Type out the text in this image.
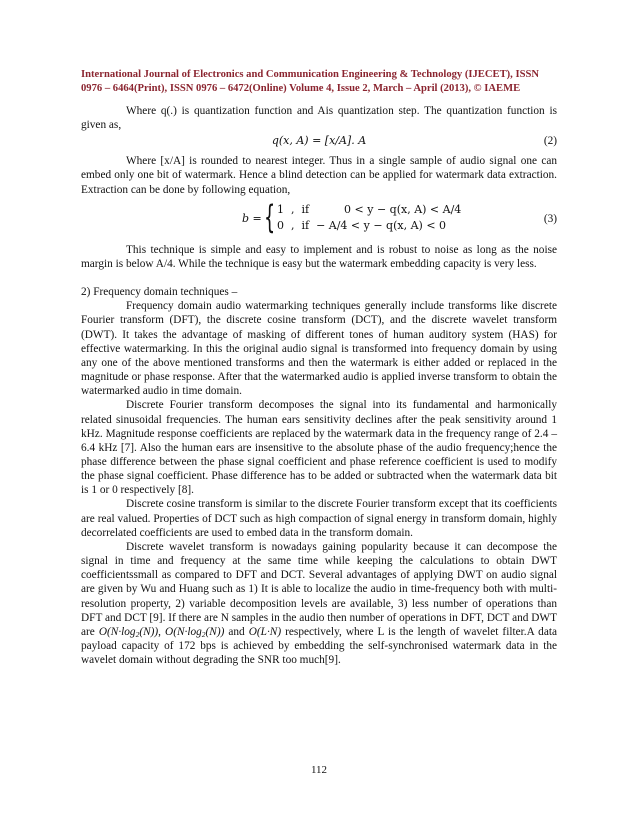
International Journal of Electronics and Communication Engineering & Technology (IJECET), ISSN
0976 – 6464(Print), ISSN 0976 – 6472(Online) Volume 4, Issue 2, March – April (2013), © IAEME

Where q(.) is quantization function and Ais quantization step. The quantization function is given as,

q(x, A) = [x/A]. A	(2)

Where [x/A] is rounded to nearest integer. Thus in a single sample of audio signal one can embed only one bit of watermark. Hence a blind detection can be applied for watermark data extraction. Extraction can be done by following equation,

b = { 1  ,  if          0 < y − q(x, A) < A/4
0  ,  if  − A/4 < y − q(x, A) < 0	(3)

This technique is simple and easy to implement and is robust to noise as long as the noise margin is below A/4. While the technique is easy but the watermark embedding capacity is very less.

2) Frequency domain techniques –

Frequency domain audio watermarking techniques generally include transforms like discrete Fourier transform (DFT), the discrete cosine transform (DCT), and the discrete wavelet transform (DWT). It takes the advantage of masking of different tones of human auditory system (HAS) for effective watermarking. In this the original audio signal is transformed into frequency domain by using any one of the above mentioned transforms and then the watermark is either added or replaced in the magnitude or phase response. After that the watermarked audio is applied inverse transform to obtain the watermarked audio in time domain.

Discrete Fourier transform decomposes the signal into its fundamental and harmonically related sinusoidal frequencies. The human ears sensitivity declines after the peak sensitivity around 1 kHz. Magnitude response coefficients are replaced by the watermark data in the frequency range of 2.4 – 6.4 kHz [7]. Also the human ears are insensitive to the absolute phase of the audio frequency;hence the phase difference between the phase signal coefficient and phase reference coefficient is used to modify the phase signal coefficient. Phase difference has to be added or subtracted when the watermark data bit is 1 or 0 respectively [8].

Discrete cosine transform is similar to the discrete Fourier transform except that its coefficients are real valued. Properties of DCT such as high compaction of signal energy in transform domain, highly decorrelated coefficients are used to embed data in the transform domain.

Discrete wavelet transform is nowadays gaining popularity because it can decompose the signal in time and frequency at the same time while keeping the calculations to obtain DWT coefficientssmall as compared to DFT and DCT. Several advantages of applying DWT on audio signal are given by Wu and Huang such as 1) It is able to localize the audio in time-frequency both with multi-resolution property, 2) variable decomposition levels are available, 3) less number of operations than DFT and DCT [9]. If there are N samples in the audio then number of operations in DFT, DCT and DWT are $O(N\cdot\log_2(N))$, $O(N\cdot\log_2(N))$ and O(L·N) respectively, where L is the length of wavelet filter.A data payload capacity of 172 bps is achieved by embedding the self-synchronised watermark data in the wavelet domain without degrading the SNR too much[9].

112
